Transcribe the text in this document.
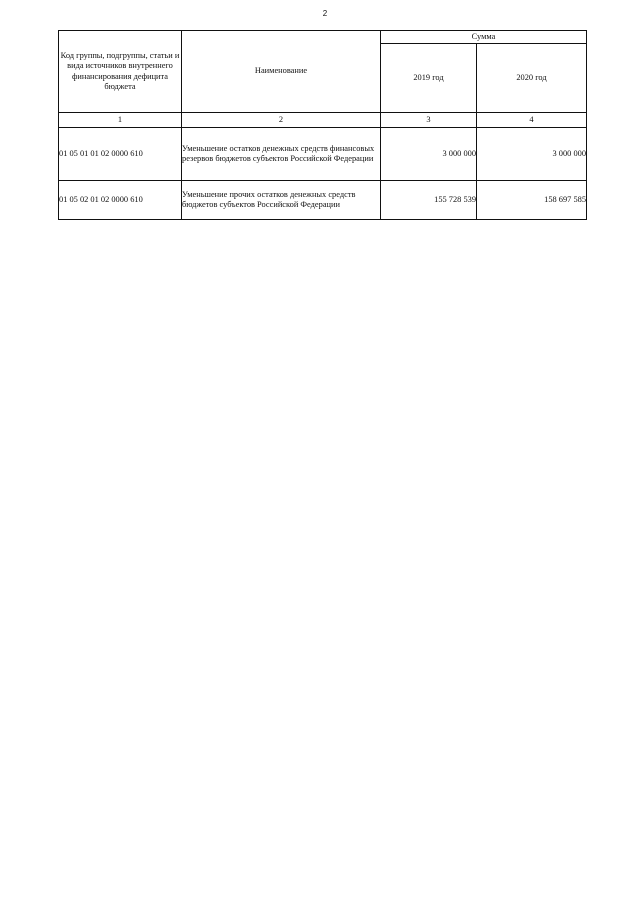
2
Код группы, подгруппы, статьи и вида источников внутреннего финансирования дефицита бюджета	Наименование	Сумма	
		2019 год	2020 год
1	2	3	4
01 05 01 01 02 0000 610	Уменьшение остатков денежных средств финансовых резервов бюджетов субъектов Российской Федерации	3 000 000	3 000 000
01 05 02 01 02 0000 610	Уменьшение прочих остатков денежных средств бюджетов субъектов Российской Федерации	155 728 539	158 697 585
